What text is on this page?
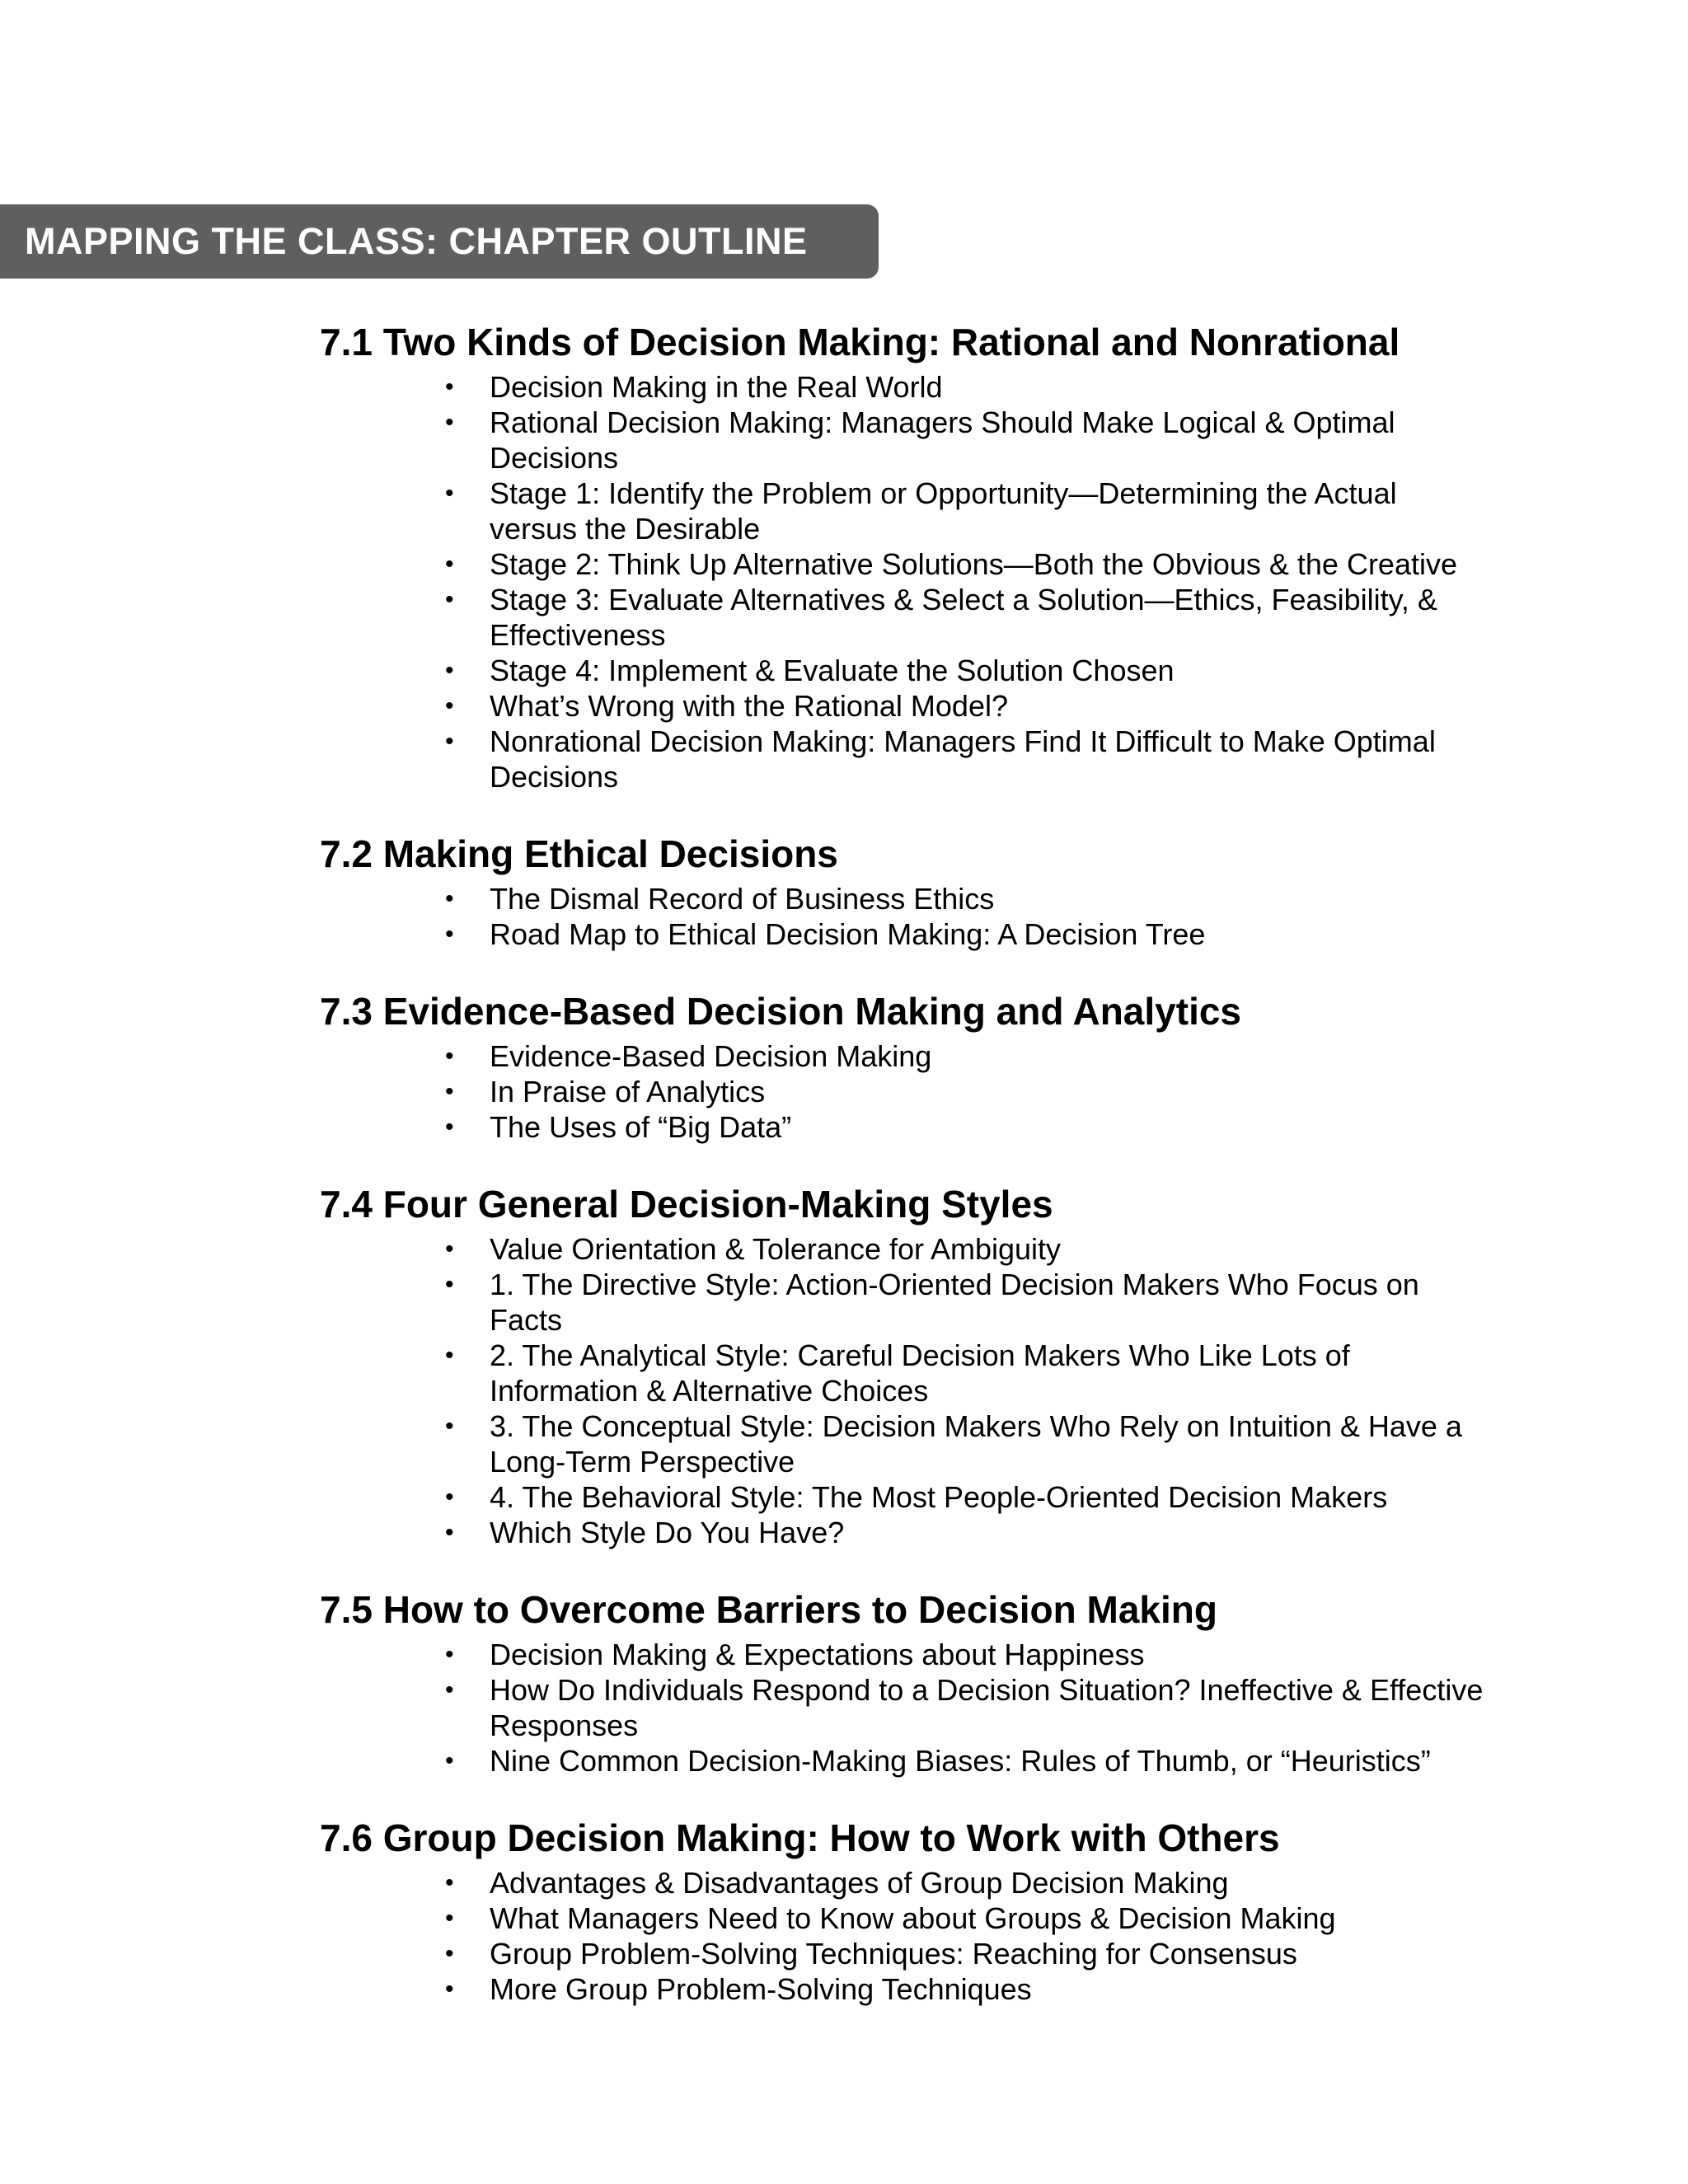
MAPPING THE CLASS: CHAPTER OUTLINE
7.1 Two Kinds of Decision Making: Rational and Nonrational
• Decision Making in the Real World
• Rational Decision Making: Managers Should Make Logical & Optimal Decisions
• Stage 1: Identify the Problem or Opportunity—Determining the Actual versus the Desirable
• Stage 2: Think Up Alternative Solutions—Both the Obvious & the Creative
• Stage 3: Evaluate Alternatives & Select a Solution—Ethics, Feasibility, & Effectiveness
• Stage 4: Implement & Evaluate the Solution Chosen
• What’s Wrong with the Rational Model?
• Nonrational Decision Making: Managers Find It Difficult to Make Optimal Decisions
7.2 Making Ethical Decisions
• The Dismal Record of Business Ethics
• Road Map to Ethical Decision Making: A Decision Tree
7.3 Evidence-Based Decision Making and Analytics
• Evidence-Based Decision Making
• In Praise of Analytics
• The Uses of “Big Data”
7.4 Four General Decision-Making Styles
• Value Orientation & Tolerance for Ambiguity
• 1. The Directive Style: Action-Oriented Decision Makers Who Focus on Facts
• 2. The Analytical Style: Careful Decision Makers Who Like Lots of Information & Alternative Choices
• 3. The Conceptual Style: Decision Makers Who Rely on Intuition & Have a Long-Term Perspective
• 4. The Behavioral Style: The Most People-Oriented Decision Makers
• Which Style Do You Have?
7.5 How to Overcome Barriers to Decision Making
• Decision Making & Expectations about Happiness
• How Do Individuals Respond to a Decision Situation? Ineffective & Effective Responses
• Nine Common Decision-Making Biases: Rules of Thumb, or “Heuristics”
7.6 Group Decision Making: How to Work with Others
• Advantages & Disadvantages of Group Decision Making
• What Managers Need to Know about Groups & Decision Making
• Group Problem-Solving Techniques: Reaching for Consensus
• More Group Problem-Solving Techniques
